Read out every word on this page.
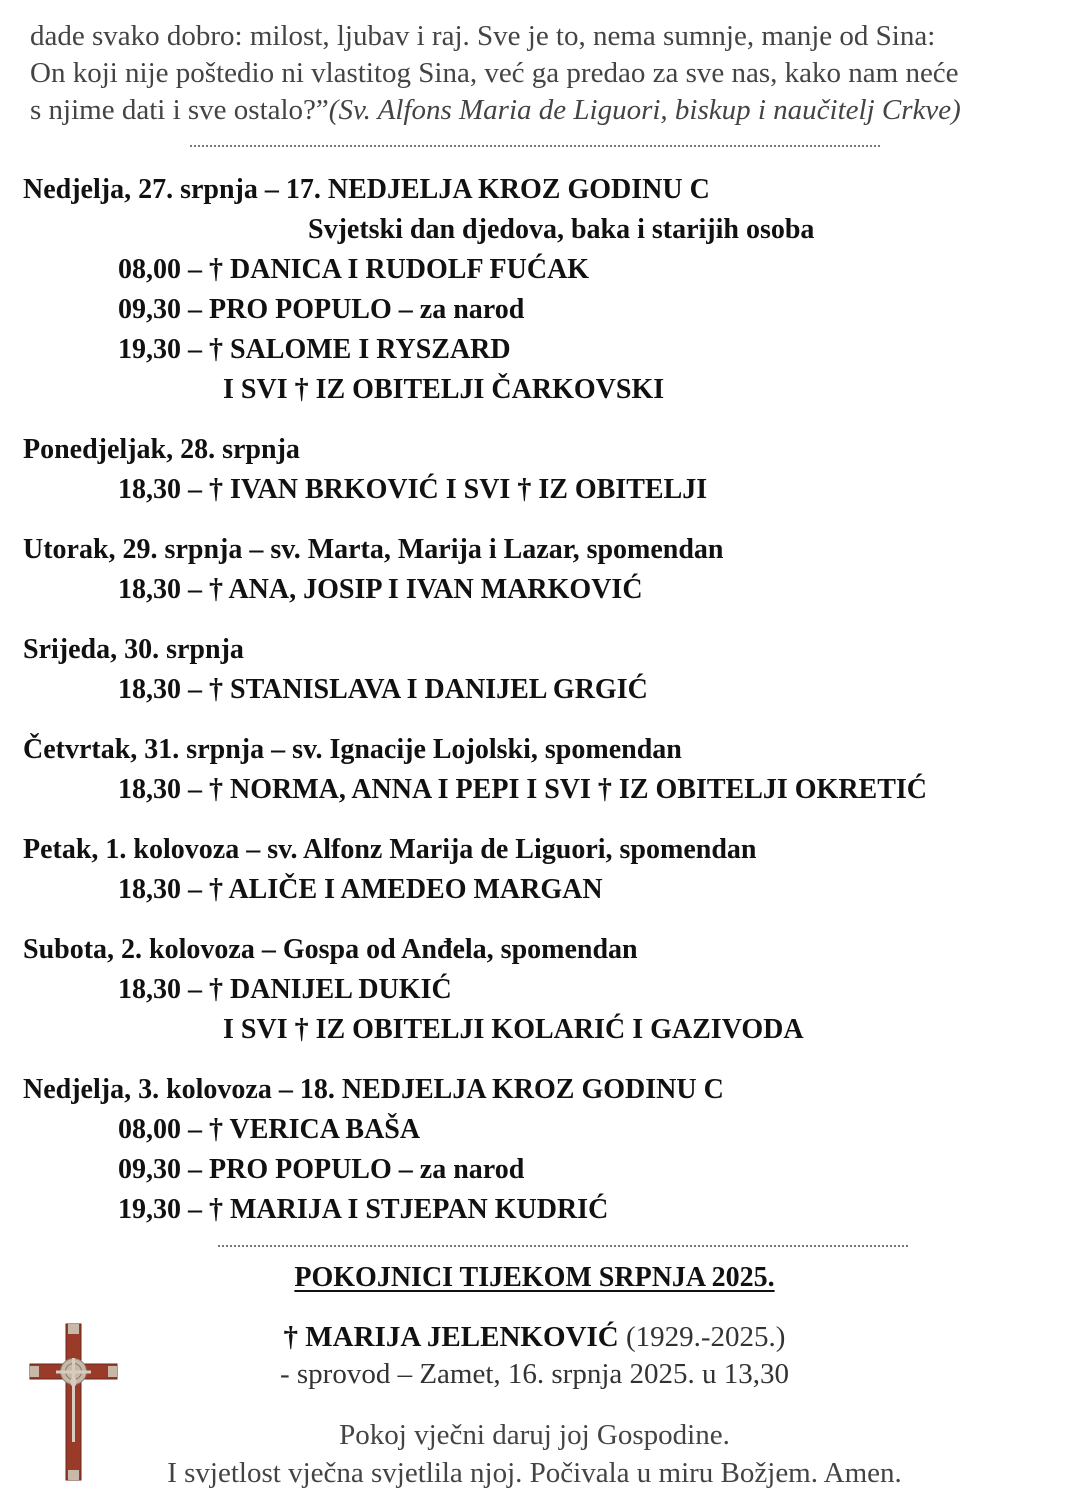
dade svako dobro: milost, ljubav i raj. Sve je to, nema sumnje, manje od Sina:
On koji nije poštedio ni vlastitog Sina, već ga predao za sve nas, kako nam neće
s njime dati i sve ostalo?”(Sv. Alfons Maria de Liguori, biskup i naučitelj Crkve)
Nedjelja, 27. srpnja – 17. NEDJELJA KROZ GODINU C
Svjetski dan djedova, baka i starijih osoba
08,00 – † DANICA I RUDOLF FUĆAK
09,30 – PRO POPULO – za narod
19,30 – † SALOME I RYSZARD
I SVI † IZ OBITELJI ČARKOVSKI
Ponedjeljak, 28. srpnja
18,30 – † IVAN BRKOVIĆ I SVI † IZ OBITELJI
Utorak, 29. srpnja – sv. Marta, Marija i Lazar, spomendan
18,30 – † ANA, JOSIP I IVAN MARKOVIĆ
Srijeda, 30. srpnja
18,30 – † STANISLAVA I DANIJEL GRGIĆ
Četvrtak, 31. srpnja – sv. Ignacije Lojolski, spomendan
18,30 – † NORMA, ANNA I PEPI I SVI † IZ OBITELJI OKRETIĆ
Petak, 1. kolovoza – sv. Alfonz Marija de Liguori, spomendan
18,30 – † ALIČE I AMEDEO MARGAN
Subota, 2. kolovoza – Gospa od Anđela, spomendan
18,30 – † DANIJEL DUKIĆ
I SVI † IZ OBITELJI KOLARIĆ I GAZIVODA
Nedjelja, 3. kolovoza – 18. NEDJELJA KROZ GODINU C
08,00 – † VERICA BAŠA
09,30 – PRO POPULO – za narod
19,30 – † MARIJA I STJEPAN KUDRIĆ
POKOJNICI TIJEKOM SRPNJA 2025.
† MARIJA JELENKOVIĆ (1929.-2025.)
- sprovod – Zamet, 16. srpnja 2025. u 13,30
Pokoj vječni daruj joj Gospodine.
I svjetlost vječna svjetlila njoj. Počivala u miru Božjem. Amen.
